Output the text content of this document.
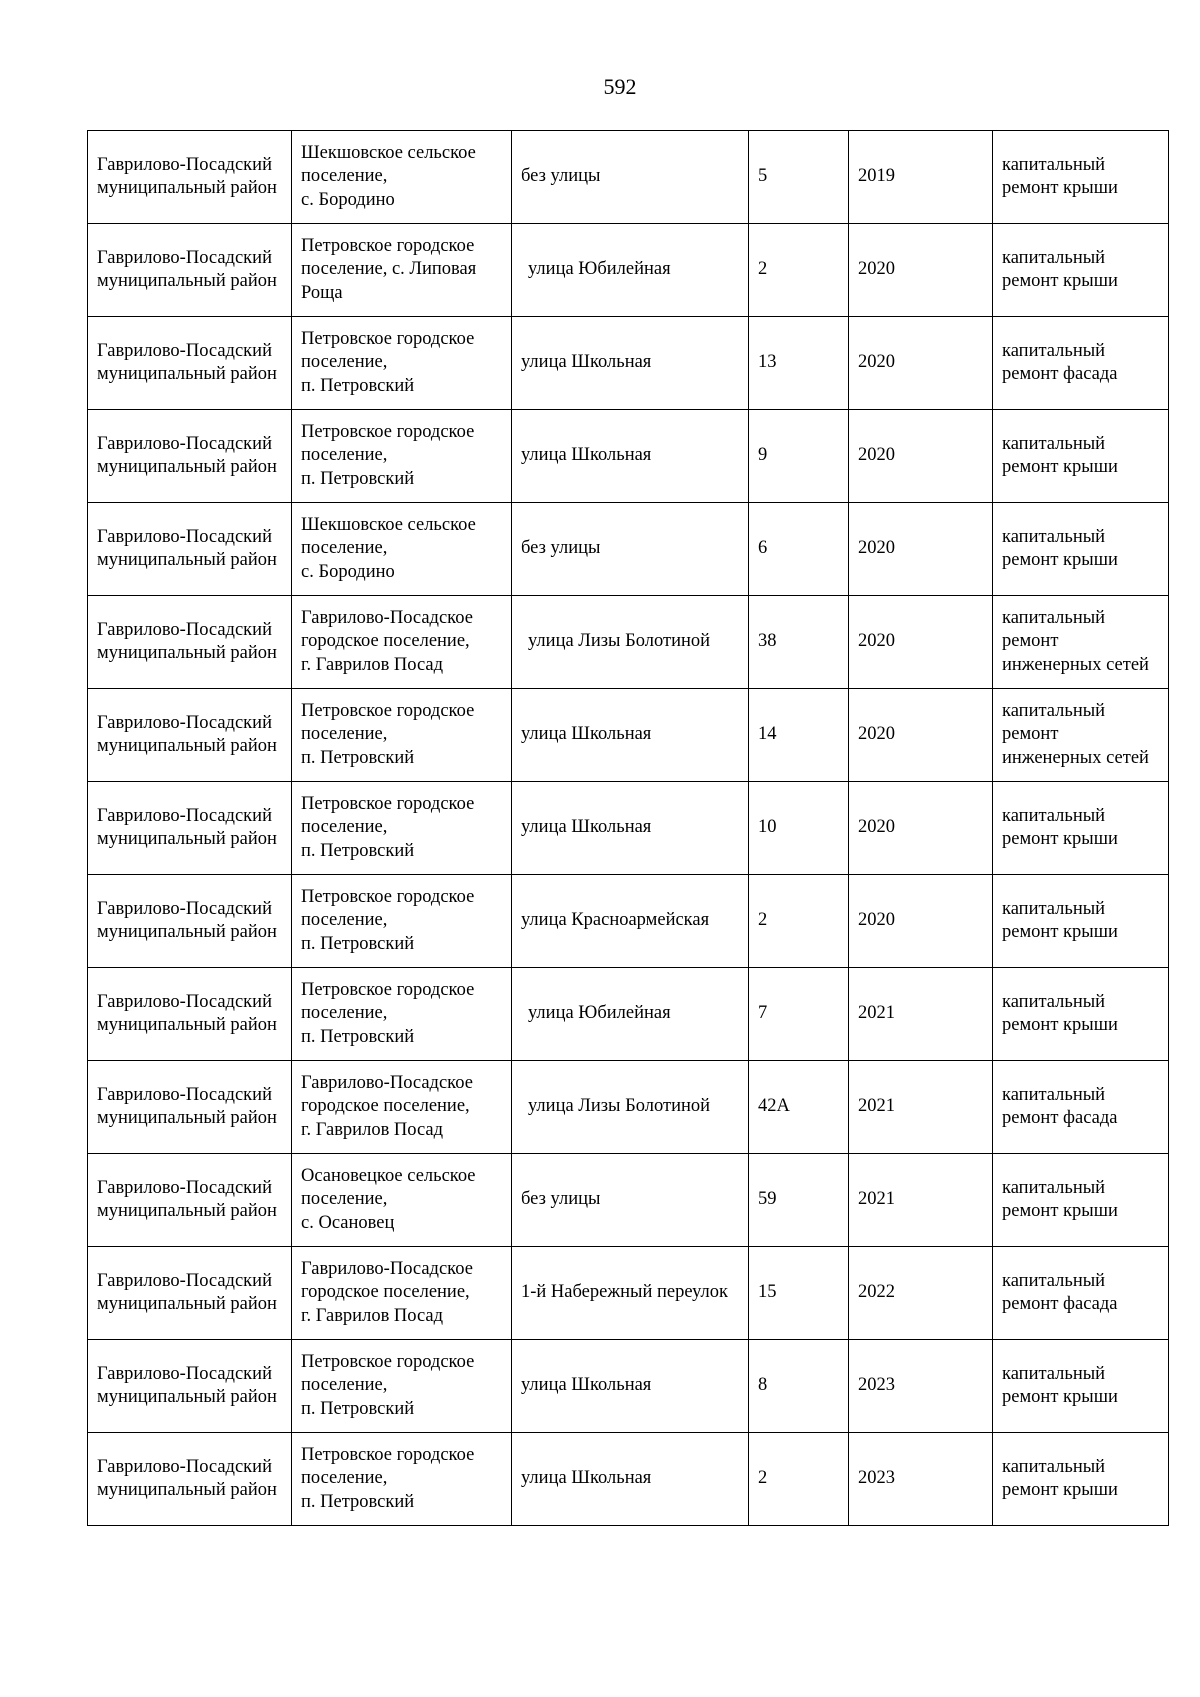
592
Гаврилово-Посадский муниципальный район	Шекшовское сельское
поселение,
с. Бородино	без улицы	5	2019	капитальный ремонт крыши
Гаврилово-Посадский муниципальный район	Петровское городское
поселение, с. Липовая
Роща	улица Юбилейная	2	2020	капитальный ремонт крыши
Гаврилово-Посадский муниципальный район	Петровское городское
поселение,
п. Петровский	улица Школьная	13	2020	капитальный ремонт фасада
Гаврилово-Посадский муниципальный район	Петровское городское
поселение,
п. Петровский	улица Школьная	9	2020	капитальный ремонт крыши
Гаврилово-Посадский муниципальный район	Шекшовское сельское
поселение,
с. Бородино	без улицы	6	2020	капитальный ремонт крыши
Гаврилово-Посадский муниципальный район	Гаврилово-Посадское
городское поселение,
г. Гаврилов Посад	улица Лизы Болотиной	38	2020	капитальный ремонт инженерных сетей
Гаврилово-Посадский муниципальный район	Петровское городское
поселение,
п. Петровский	улица Школьная	14	2020	капитальный ремонт инженерных сетей
Гаврилово-Посадский муниципальный район	Петровское городское
поселение,
п. Петровский	улица Школьная	10	2020	капитальный ремонт крыши
Гаврилово-Посадский муниципальный район	Петровское городское
поселение,
п. Петровский	улица Красноармейская	2	2020	капитальный ремонт крыши
Гаврилово-Посадский муниципальный район	Петровское городское
поселение,
п. Петровский	улица Юбилейная	7	2021	капитальный ремонт крыши
Гаврилово-Посадский муниципальный район	Гаврилово-Посадское
городское поселение,
г. Гаврилов Посад	улица Лизы Болотиной	42А	2021	капитальный ремонт фасада
Гаврилово-Посадский муниципальный район	Осановецкое сельское
поселение,
с. Осановец	без улицы	59	2021	капитальный ремонт крыши
Гаврилово-Посадский муниципальный район	Гаврилово-Посадское
городское поселение,
г. Гаврилов Посад	1-й Набережный переулок	15	2022	капитальный ремонт фасада
Гаврилово-Посадский муниципальный район	Петровское городское
поселение,
п. Петровский	улица Школьная	8	2023	капитальный ремонт крыши
Гаврилово-Посадский муниципальный район	Петровское городское
поселение,
п. Петровский	улица Школьная	2	2023	капитальный ремонт крыши
